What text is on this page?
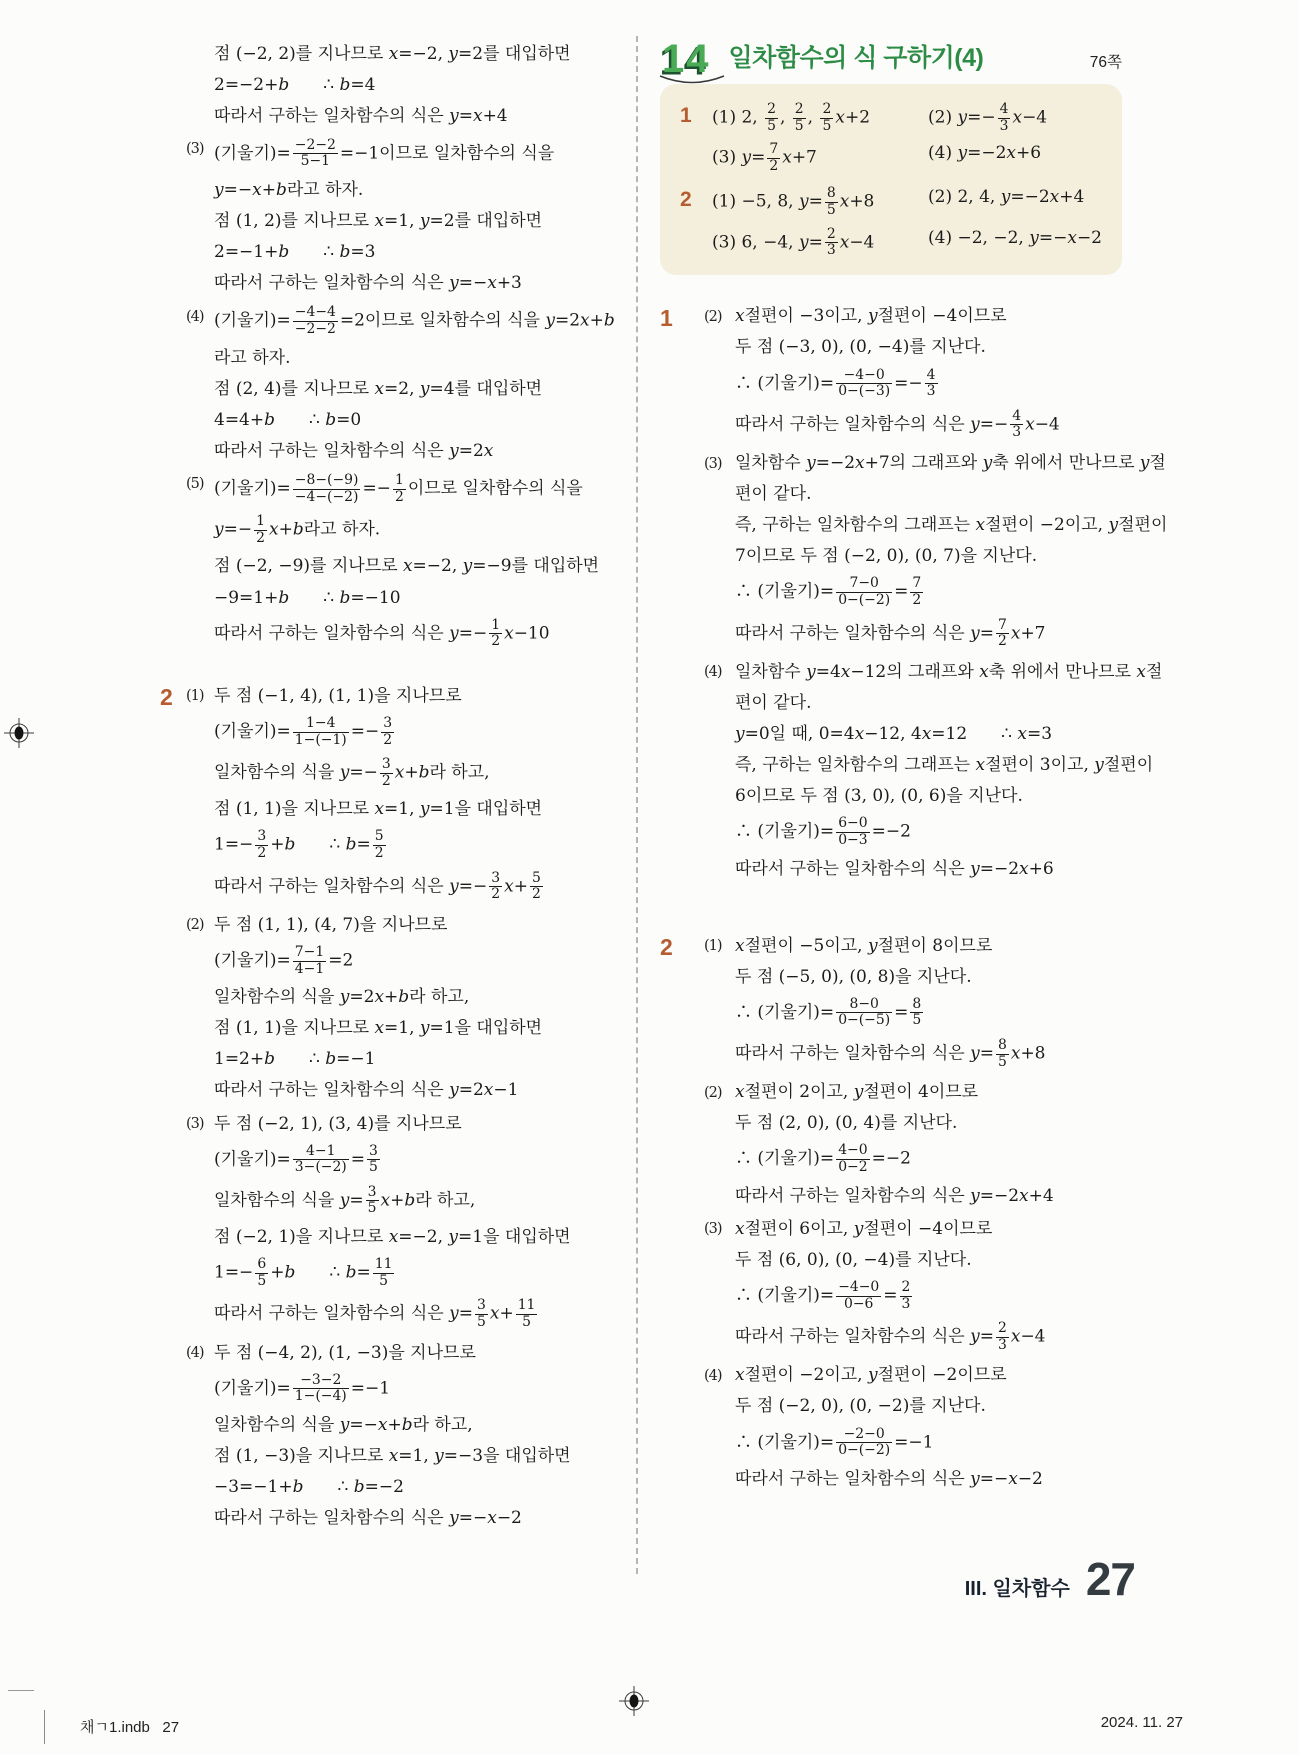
점 (−2, 2)를 지나므로 x=−2, y=2를 대입하면
2=−2+b  ∴ b=4
따라서 구하는 일차함수의 식은 y=x+4
(3) (기울기)= $\frac{-2-2}{5-1} =-1$이므로 일차함수의 식을
y=−x+b라고 하자.
점 (1, 2)를 지나므로 x=1, y=2를 대입하면
2=−1+b  ∴ b=3
따라서 구하는 일차함수의 식은 y=−x+3
(4) (기울기)= $\frac{-4-4}{-2-2} =2$이므로 일차함수의 식을 y=2x+b
라고 하자.
점 (2, 4)를 지나므로 x=2, y=4를 대입하면
4=4+b  ∴ b=0
따라서 구하는 일차함수의 식은 y=2x
(5) (기울기)= $\frac{-8-(-9)}{-4-(-2)} =- \frac{1}{2}$ 이므로 일차함수의 식을
$y=- \frac{1}{2} x+b$라고 하자.
점 (−2, −9)를 지나므로 x=−2, y=−9를 대입하면
−9=1+b  ∴ b=−10
따라서 구하는 일차함수의 식은 $y=- \frac{1}{2} x-10$
2 (1) 두 점 (−1, 4), (1, 1)을 지나므로
(기울기)= $\frac{1-4}{1-(-1)} =- \frac{3}{2}$
일차함수의 식을 $y=- \frac{3}{2} x+b$라 하고,
점 (1, 1)을 지나므로 x=1, y=1을 대입하면
$1=- \frac{3}{2} +b$  ∴ $b= \frac{5}{2}$
따라서 구하는 일차함수의 식은 $y=- \frac{3}{2} x+ \frac{5}{2}$
(2) 두 점 (1, 1), (4, 7)을 지나므로
(기울기)= $\frac{7-1}{4-1} =2$
일차함수의 식을 y=2x+b라 하고,
점 (1, 1)을 지나므로 x=1, y=1을 대입하면
1=2+b  ∴ b=−1
따라서 구하는 일차함수의 식은 y=2x−1
(3) 두 점 (−2, 1), (3, 4)를 지나므로
(기울기)= $\frac{4-1}{3-(-2)} = \frac{3}{5}$
일차함수의 식을 $y= \frac{3}{5} x+b$라 하고,
점 (−2, 1)을 지나므로 x=−2, y=1을 대입하면
$1=- \frac{6}{5} +b$  ∴ $b= \frac{11}{5}$
따라서 구하는 일차함수의 식은 $y= \frac{3}{5} x+ \frac{11}{5}$
(4) 두 점 (−4, 2), (1, −3)을 지나므로
(기울기)= $\frac{-3-2}{1-(-4)} =-1$
일차함수의 식을 y=−x+b라 하고,
점 (1, −3)을 지나므로 x=1, y=−3을 대입하면
−3=−1+b  ∴ b=−2
따라서 구하는 일차함수의 식은 y=−x−2
14 일차함수의 식 구하기(4)	76쪽
1	(1) 2, $\frac{2}{5}$ , $\frac{2}{5}$ , $\frac{2}{5} x+2$	(2) $y=- \frac{4}{3} x-4$
(3) $y= \frac{7}{2} x+7$	(4) y=−2x+6
2	(1) −5, 8, $y= \frac{8}{5} x+8$	(2) 2, 4, y=−2x+4
(3) 6, −4, $y= \frac{2}{3} x-4$	(4) −2, −2, y=−x−2
1	(2) x절편이 −3이고, y절편이 −4이므로
두 점 (−3, 0), (0, −4)를 지난다.
∴ (기울기)= $\frac{-4-0}{0-(-3)} =- \frac{4}{3}$
따라서 구하는 일차함수의 식은 $y=- \frac{4}{3} x-4$
(3) 일차함수 y=−2x+7의 그래프와 y축 위에서 만나므로 y절
편이 같다.
즉, 구하는 일차함수의 그래프는 x절편이 −2이고, y절편이
7이므로 두 점 (−2, 0), (0, 7)을 지난다.
∴ (기울기)= $\frac{7-0}{0-(-2)} = \frac{7}{2}$
따라서 구하는 일차함수의 식은 $y= \frac{7}{2} x+7$
(4) 일차함수 y=4x−12의 그래프와 x축 위에서 만나므로 x절
편이 같다.
y=0일 때, 0=4x−12, 4x=12  ∴ x=3
즉, 구하는 일차함수의 그래프는 x절편이 3이고, y절편이
6이므로 두 점 (3, 0), (0, 6)을 지난다.
∴ (기울기)= $\frac{6-0}{0-3} =-2$
따라서 구하는 일차함수의 식은 y=−2x+6
2	(1) x절편이 −5이고, y절편이 8이므로
두 점 (−5, 0), (0, 8)을 지난다.
∴ (기울기)= $\frac{8-0}{0-(-5)} = \frac{8}{5}$
따라서 구하는 일차함수의 식은 $y= \frac{8}{5} x+8$
(2) x절편이 2이고, y절편이 4이므로
두 점 (2, 0), (0, 4)를 지난다.
∴ (기울기)= $\frac{4-0}{0-2} =-2$
따라서 구하는 일차함수의 식은 y=−2x+4
(3) x절편이 6이고, y절편이 −4이므로
두 점 (6, 0), (0, −4)를 지난다.
∴ (기울기)= $\frac{-4-0}{0-6} = \frac{2}{3}$
따라서 구하는 일차함수의 식은 $y= \frac{2}{3} x-4$
(4) x절편이 −2이고, y절편이 −2이므로
두 점 (−2, 0), (0, −2)를 지난다.
∴ (기울기)= $\frac{-2-0}{0-(-2)} =-1$
따라서 구하는 일차함수의 식은 y=−x−2
III. 일차함수 27
채ㄱ1.indb   27	2024. 11. 27
